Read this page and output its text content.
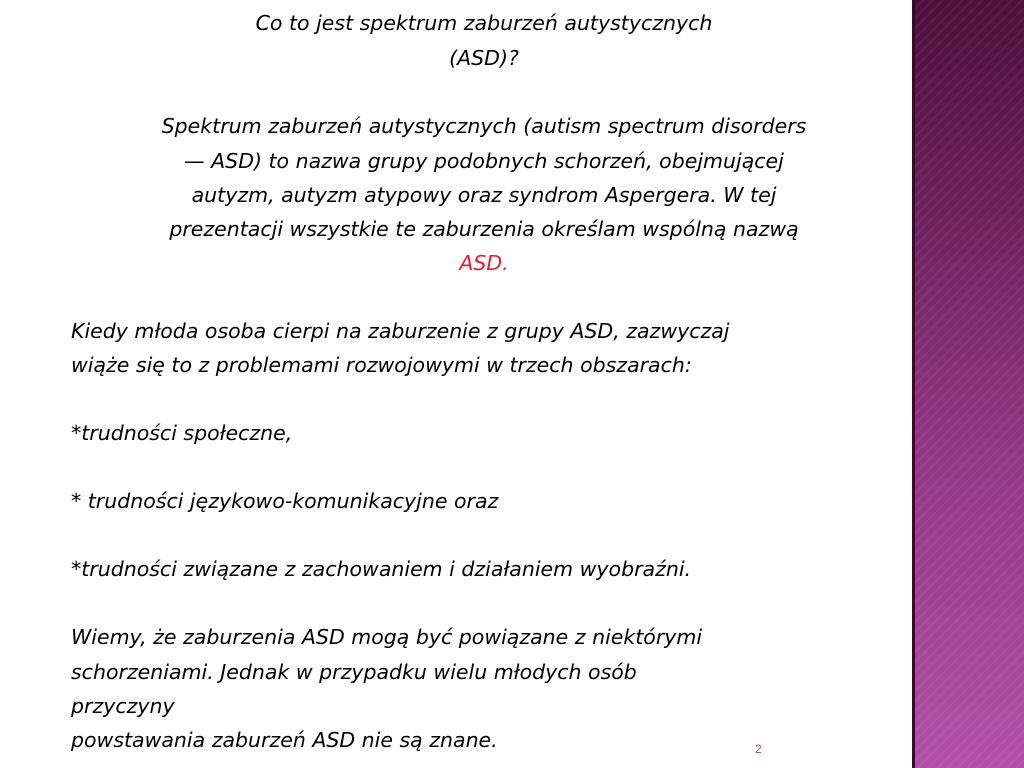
Co to jest spektrum zaburzeń autystycznych

(ASD)?

Spektrum zaburzeń autystycznych (autism spectrum disorders

— ASD) to nazwa grupy podobnych schorzeń, obejmującej

autyzm, autyzm atypowy oraz syndrom Aspergera. W tej

prezentacji wszystkie te zaburzenia określam wspólną nazwą

ASD.

Kiedy młoda osoba cierpi na zaburzenie z grupy ASD, zazwyczaj

wiąże się to z problemami rozwojowymi w trzech obszarach:

*trudności społeczne,

* trudności językowo-komunikacyjne oraz

*trudności związane z zachowaniem i działaniem wyobraźni.

Wiemy, że zaburzenia ASD mogą być powiązane z niektórymi

schorzeniami. Jednak w przypadku wielu młodych osób

przyczyny

powstawania zaburzeń ASD nie są znane.	2
